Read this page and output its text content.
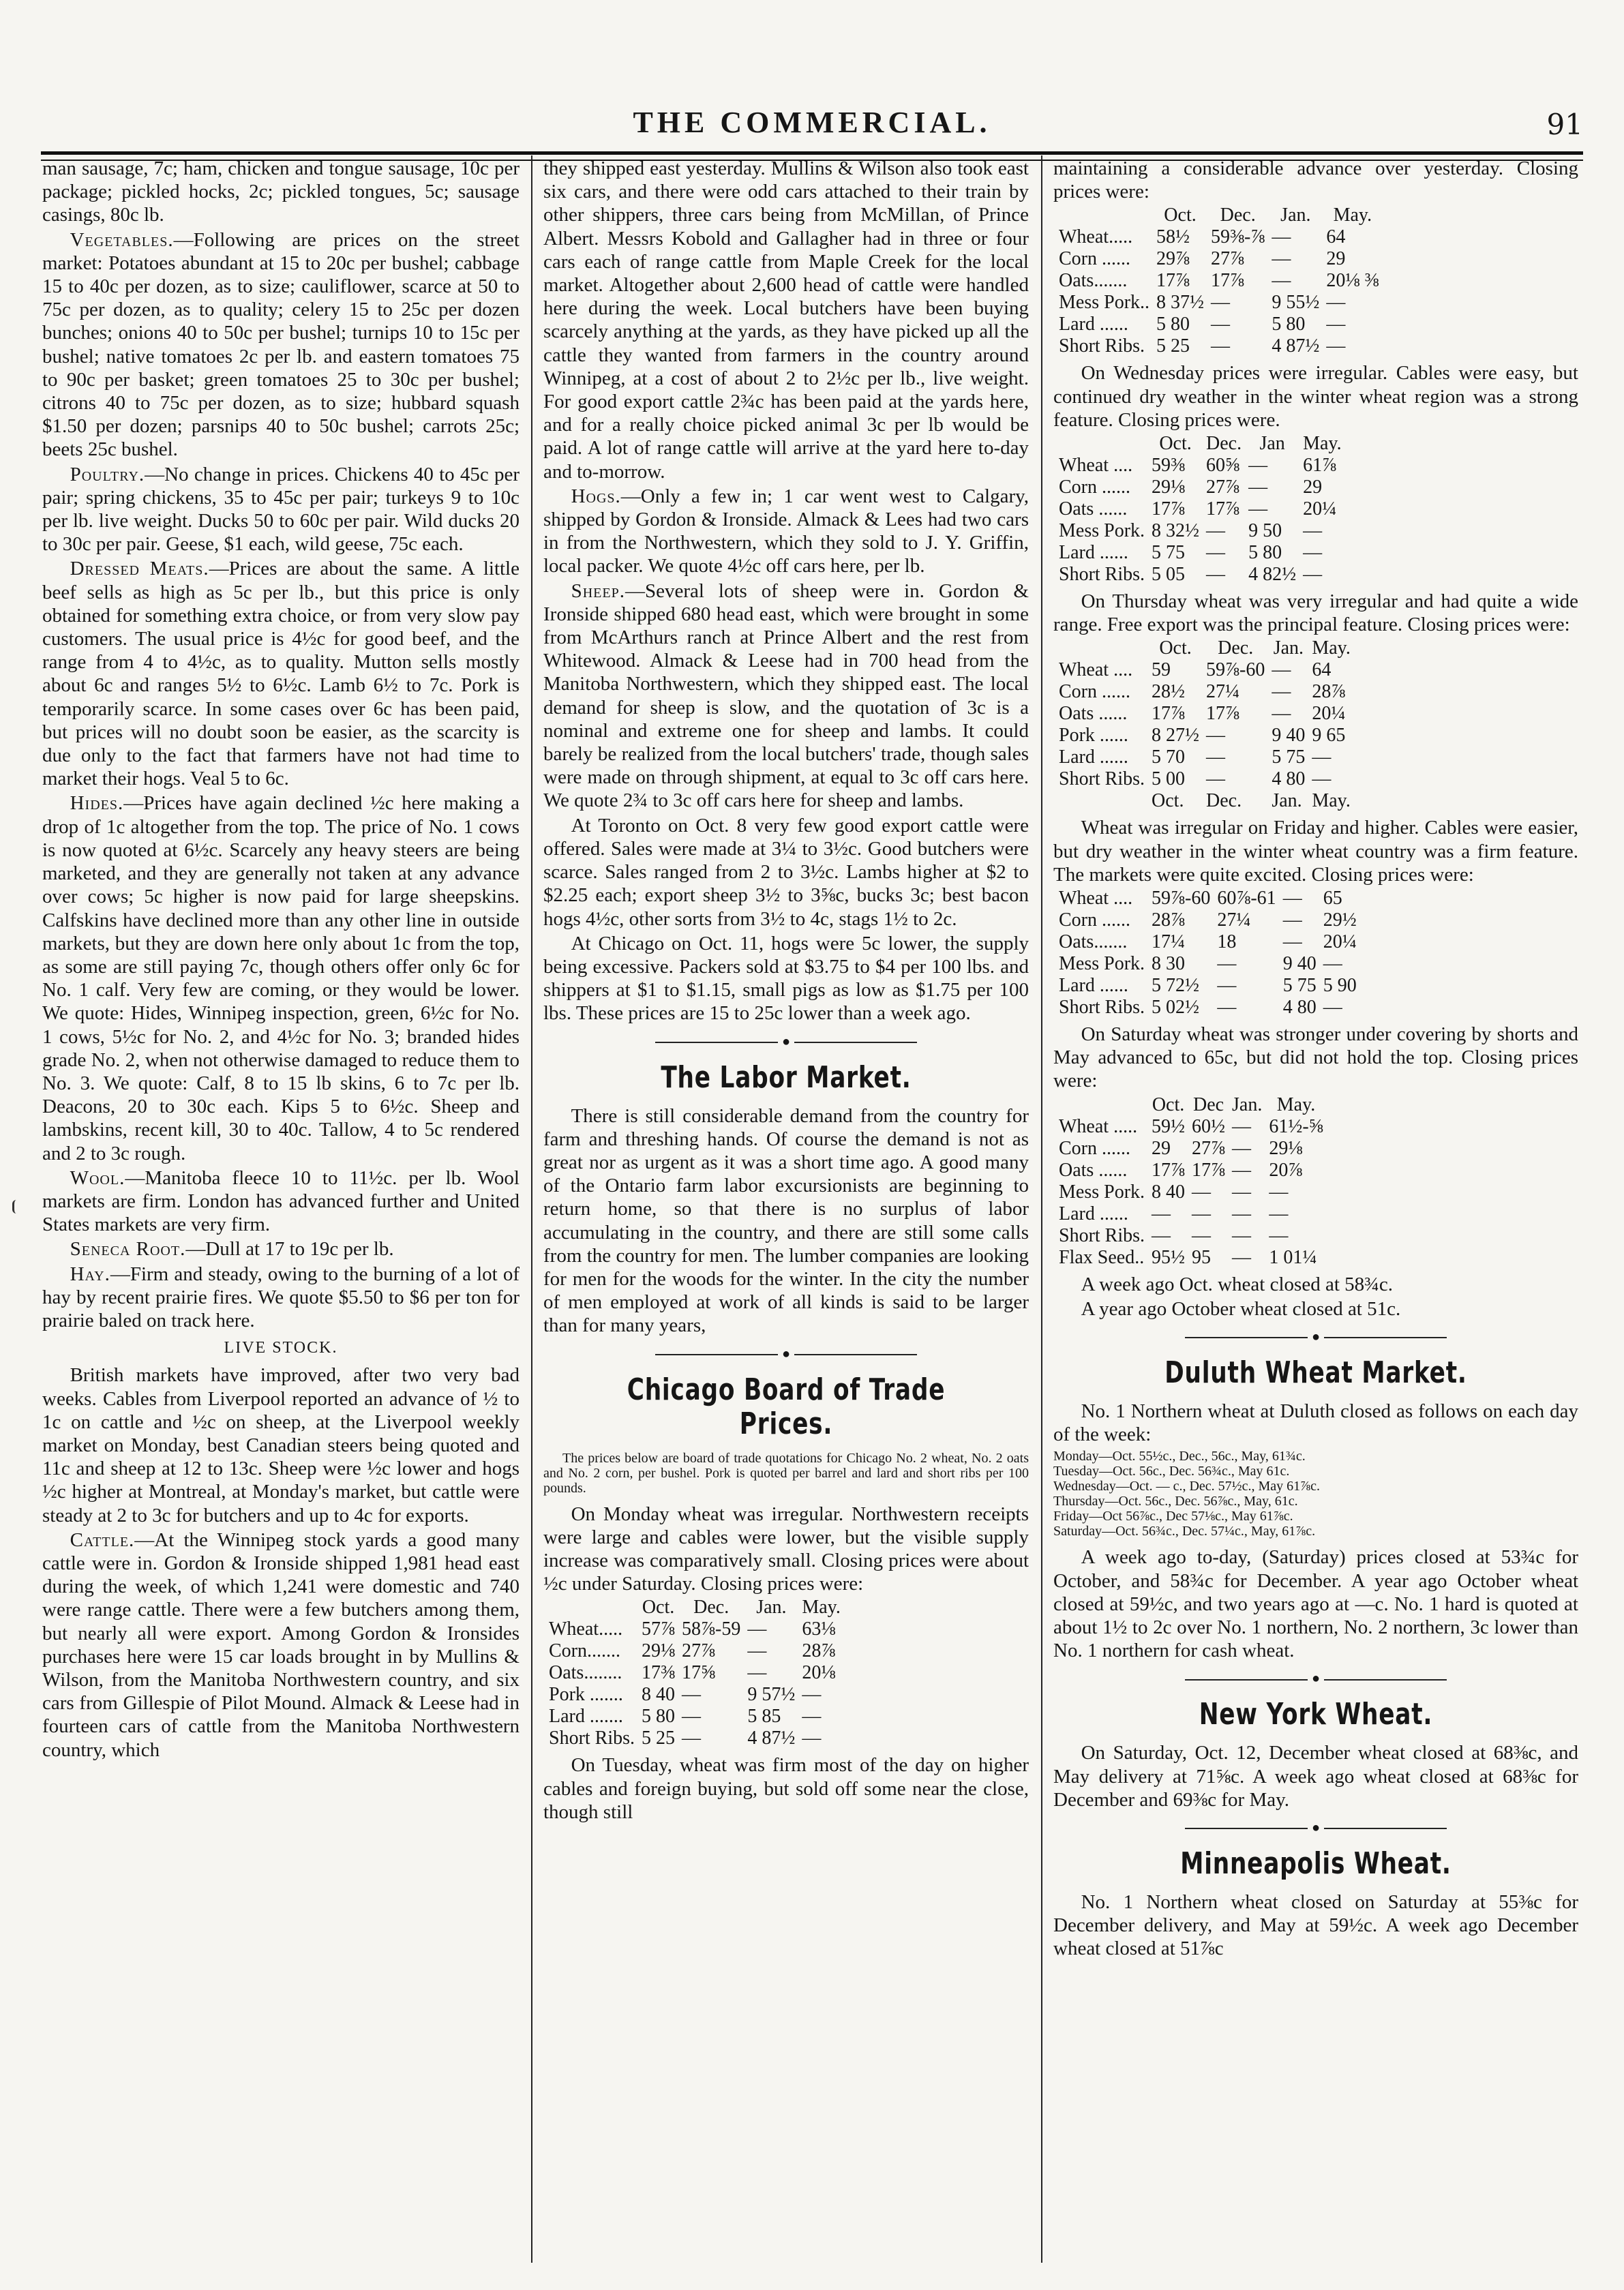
THE COMMERCIAL.	91

man sausage, 7c; ham, chicken and tongue sausage, 10c per package; pickled hocks, 2c; pickled tongues, 5c; sausage casings, 80c lb.

Vegetables.—Following are prices on the street market: Potatoes abundant at 15 to 20c per bushel; cabbage 15 to 40c per dozen, as to size; cauliflower, scarce at 50 to 75c per dozen, as to quality; celery 15 to 25c per dozen bunches; onions 40 to 50c per bushel; turnips 10 to 15c per bushel; native tomatoes 2c per lb. and eastern tomatoes 75 to 90c per basket; green tomatoes 25 to 30c per bushel; citrons 40 to 75c per dozen, as to size; hubbard squash $1.50 per dozen; parsnips 40 to 50c bushel; carrots 25c; beets 25c bushel.

Poultry.—No change in prices. Chickens 40 to 45c per pair; spring chickens, 35 to 45c per pair; turkeys 9 to 10c per lb. live weight. Ducks 50 to 60c per pair. Wild ducks 20 to 30c per pair. Geese, $1 each, wild geese, 75c each.

Dressed Meats.—Prices are about the same. A little beef sells as high as 5c per lb., but this price is only obtained for something extra choice, or from very slow pay customers. The usual price is 4½c for good beef, and the range from 4 to 4½c, as to quality. Mutton sells mostly about 6c and ranges 5½ to 6½c. Lamb 6½ to 7c. Pork is temporarily scarce. In some cases over 6c has been paid, but prices will no doubt soon be easier, as the scarcity is due only to the fact that farmers have not had time to market their hogs. Veal 5 to 6c.

Hides.—Prices have again declined ½c here making a drop of 1c altogether from the top. The price of No. 1 cows is now quoted at 6½c. Scarcely any heavy steers are being marketed, and they are generally not taken at any advance over cows; 5c higher is now paid for large sheepskins. Calfskins have declined more than any other line in outside markets, but they are down here only about 1c from the top, as some are still paying 7c, though others offer only 6c for No. 1 calf. Very few are coming, or they would be lower. We quote: Hides, Winnipeg inspection, green, 6½c for No. 1 cows, 5½c for No. 2, and 4½c for No. 3; branded hides grade No. 2, when not otherwise damaged to reduce them to No. 3. We quote: Calf, 8 to 15 lb skins, 6 to 7c per lb. Deacons, 20 to 30c each. Kips 5 to 6½c. Sheep and lambskins, recent kill, 30 to 40c. Tallow, 4 to 5c rendered and 2 to 3c rough.

Wool.—Manitoba fleece 10 to 11½c. per lb. Wool markets are firm. London has advanced further and United States markets are very firm.

Seneca Root.—Dull at 17 to 19c per lb.

Hay.—Firm and steady, owing to the burning of a lot of hay by recent prairie fires. We quote $5.50 to $6 per ton for prairie baled on track here.

LIVE STOCK.

British markets have improved, after two very bad weeks. Cables from Liverpool reported an advance of ½ to 1c on cattle and ½c on sheep, at the Liverpool weekly market on Monday, best Canadian steers being quoted and 11c and sheep at 12 to 13c. Sheep were ½c lower and hogs ½c higher at Montreal, at Monday's market, but cattle were steady at 2 to 3c for butchers and up to 4c for exports.

Cattle.—At the Winnipeg stock yards a good many cattle were in. Gordon & Ironside shipped 1,981 head east during the week, of which 1,241 were domestic and 740 were range cattle. There were a few butchers among them, but nearly all were export. Among Gordon & Ironsides purchases here were 15 car loads brought in by Mullins & Wilson, from the Manitoba Northwestern country, and six cars from Gillespie of Pilot Mound. Almack & Leese had in fourteen cars of cattle from the Manitoba Northwestern country, which

they shipped east yesterday. Mullins & Wilson also took east six cars, and there were odd cars attached to their train by other shippers, three cars being from McMillan, of Prince Albert. Messrs Kobold and Gallagher had in three or four cars each of range cattle from Maple Creek for the local market. Altogether about 2,600 head of cattle were handled here during the week. Local butchers have been buying scarcely anything at the yards, as they have picked up all the cattle they wanted from farmers in the country around Winnipeg, at a cost of about 2 to 2½c per lb., live weight. For good export cattle 2¾c has been paid at the yards here, and for a really choice picked animal 3c per lb would be paid. A lot of range cattle will arrive at the yard here to-day and to-morrow.

Hogs.—Only a few in; 1 car went west to Calgary, shipped by Gordon & Ironside. Almack & Lees had two cars in from the Northwestern, which they sold to J. Y. Griffin, local packer. We quote 4½c off cars here, per lb.

Sheep.—Several lots of sheep were in. Gordon & Ironside shipped 680 head east, which were brought in some from McArthurs ranch at Prince Albert and the rest from Whitewood. Almack & Leese had in 700 head from the Manitoba Northwestern, which they shipped east. The local demand for sheep is slow, and the quotation of 3c is a nominal and extreme one for sheep and lambs. It could barely be realized from the local butchers' trade, though sales were made on through shipment, at equal to 3c off cars here. We quote 2¾ to 3c off cars here for sheep and lambs.

At Toronto on Oct. 8 very few good export cattle were offered. Sales were made at 3¼ to 3½c. Good butchers were scarce. Sales ranged from 2 to 3½c. Lambs higher at $2 to $2.25 each; export sheep 3½ to 3⅝c, bucks 3c; best bacon hogs 4½c, other sorts from 3½ to 4c, stags 1½ to 2c.

At Chicago on Oct. 11, hogs were 5c lower, the supply being excessive. Packers sold at $3.75 to $4 per 100 lbs. and shippers at $1 to $1.15, small pigs as low as $1.75 per 100 lbs. These prices are 15 to 25c lower than a week ago.

●
The Labor Market.

There is still considerable demand from the country for farm and threshing hands. Of course the demand is not as great nor as urgent as it was a short time ago. A good many of the Ontario farm labor excursionists are beginning to return home, so that there is no surplus of labor accumulating in the country, and there are still some calls from the country for men. The lumber companies are looking for men for the woods for the winter. In the city the number of men employed at work of all kinds is said to be larger than for many years,

●
Chicago Board of Trade Prices.

The prices below are board of trade quotations for Chicago No. 2 wheat, No. 2 oats and No. 2 corn, per bushel. Pork is quoted per barrel and lard and short ribs per 100 pounds.

On Monday wheat was irregular. Northwestern receipts were large and cables were lower, but the visible supply increase was comparatively small. Closing prices were about ½c under Saturday. Closing prices were:

	Oct.	Dec.	Jan.	May.
Wheat.....	57⅞	58⅞-59	—	63⅛
Corn.......	29⅛	27⅞	—	28⅞
Oats........	17⅜	17⅝	—	20⅛
Pork .......	8 40	—	9 57½	—
Lard .......	5 80	—	5 85	—
Short Ribs.	5 25	—	4 87½	—

On Tuesday, wheat was firm most of the day on higher cables and foreign buying, but sold off some near the close, though still

maintaining a considerable advance over yesterday. Closing prices were:

	Oct.	Dec.	Jan.	May.
Wheat.....	58½	59⅜-⅞	—	64
Corn ......	29⅞	27⅞	—	29
Oats.......	17⅞	17⅞	—	20⅛ ⅜
Mess Pork..	8 37½	—	9 55½	—
Lard ......	5 80	—	5 80	—
Short Ribs.	5 25	—	4 87½	—

On Wednesday prices were irregular. Cables were easy, but continued dry weather in the winter wheat region was a strong feature. Closing prices were.

	Oct.	Dec.	Jan	May.
Wheat ....	59⅜	60⅝	—	61⅞
Corn ......	29⅛	27⅞	—	29
Oats ......	17⅞	17⅞	—	20¼
Mess Pork.	8 32½	—	9 50	—
Lard ......	5 75	—	5 80	—
Short Ribs.	5 05	—	4 82½	—

On Thursday wheat was very irregular and had quite a wide range. Free export was the principal feature. Closing prices were:

	Oct.	Dec.	Jan.	May.
Wheat ....	59	59⅞-60	—	64
Corn ......	28½	27¼	—	28⅞
Oats ......	17⅞	17⅞	—	20¼
Pork ......	8 27½	—	9 40	9 65
Lard ......	5 70	—	5 75	—
Short Ribs.	5 00	—	4 80	—
	Oct.	Dec.	Jan.	May.

Wheat was irregular on Friday and higher. Cables were easier, but dry weather in the winter wheat country was a firm feature. The markets were quite excited. Closing prices were:

Wheat ....	59⅞-60	60⅞-61	—	65
Corn ......	28⅞	27¼	—	29½
Oats.......	17¼	18	—	20¼
Mess Pork.	8 30	—	9 40	—
Lard ......	5 72½	—	5 75	5 90
Short Ribs.	5 02½	—	4 80	—

On Saturday wheat was stronger under covering by shorts and May advanced to 65c, but did not hold the top. Closing prices were:

	Oct.	Dec	Jan.	May.
Wheat .....	59½	60½	—	61½-⅝
Corn ......	29	27⅞	—	29⅛
Oats ......	17⅞	17⅞	—	20⅞
Mess Pork.	8 40	—	—	—
Lard ......	—	—	—	—
Short Ribs.	—	—	—	—
Flax Seed..	95½	95	—	1 01¼

A week ago Oct. wheat closed at 58¾c.

A year ago October wheat closed at 51c.

●
Duluth Wheat Market.

No. 1 Northern wheat at Duluth closed as follows on each day of the week:

Monday—Oct. 55½c., Dec., 56c., May, 61¾c.
Tuesday—Oct. 56c., Dec. 56¾c., May 61c.
Wednesday—Oct. — c., Dec. 57½c., May 61⅞c.
Thursday—Oct. 56c., Dec. 56⅞c., May, 61c.
Friday—Oct 56⅞c., Dec 57⅛c., May 61⅞c.
Saturday—Oct. 56¾c., Dec. 57¼c., May, 61⅞c.

A week ago to-day, (Saturday) prices closed at 53¾c for October, and 58¾c for December. A year ago October wheat closed at 59½c, and two years ago at —c. No. 1 hard is quoted at about 1½ to 2c over No. 1 northern, No. 2 northern, 3c lower than No. 1 northern for cash wheat.

●
New York Wheat.

On Saturday, Oct. 12, December wheat closed at 68⅜c, and May delivery at 71⅝c. A week ago wheat closed at 68⅜c for December and 69⅜c for May.

●
Minneapolis Wheat.

No. 1 Northern wheat closed on Saturday at 55⅜c for December delivery, and May at 59½c. A week ago December wheat closed at 51⅞c
